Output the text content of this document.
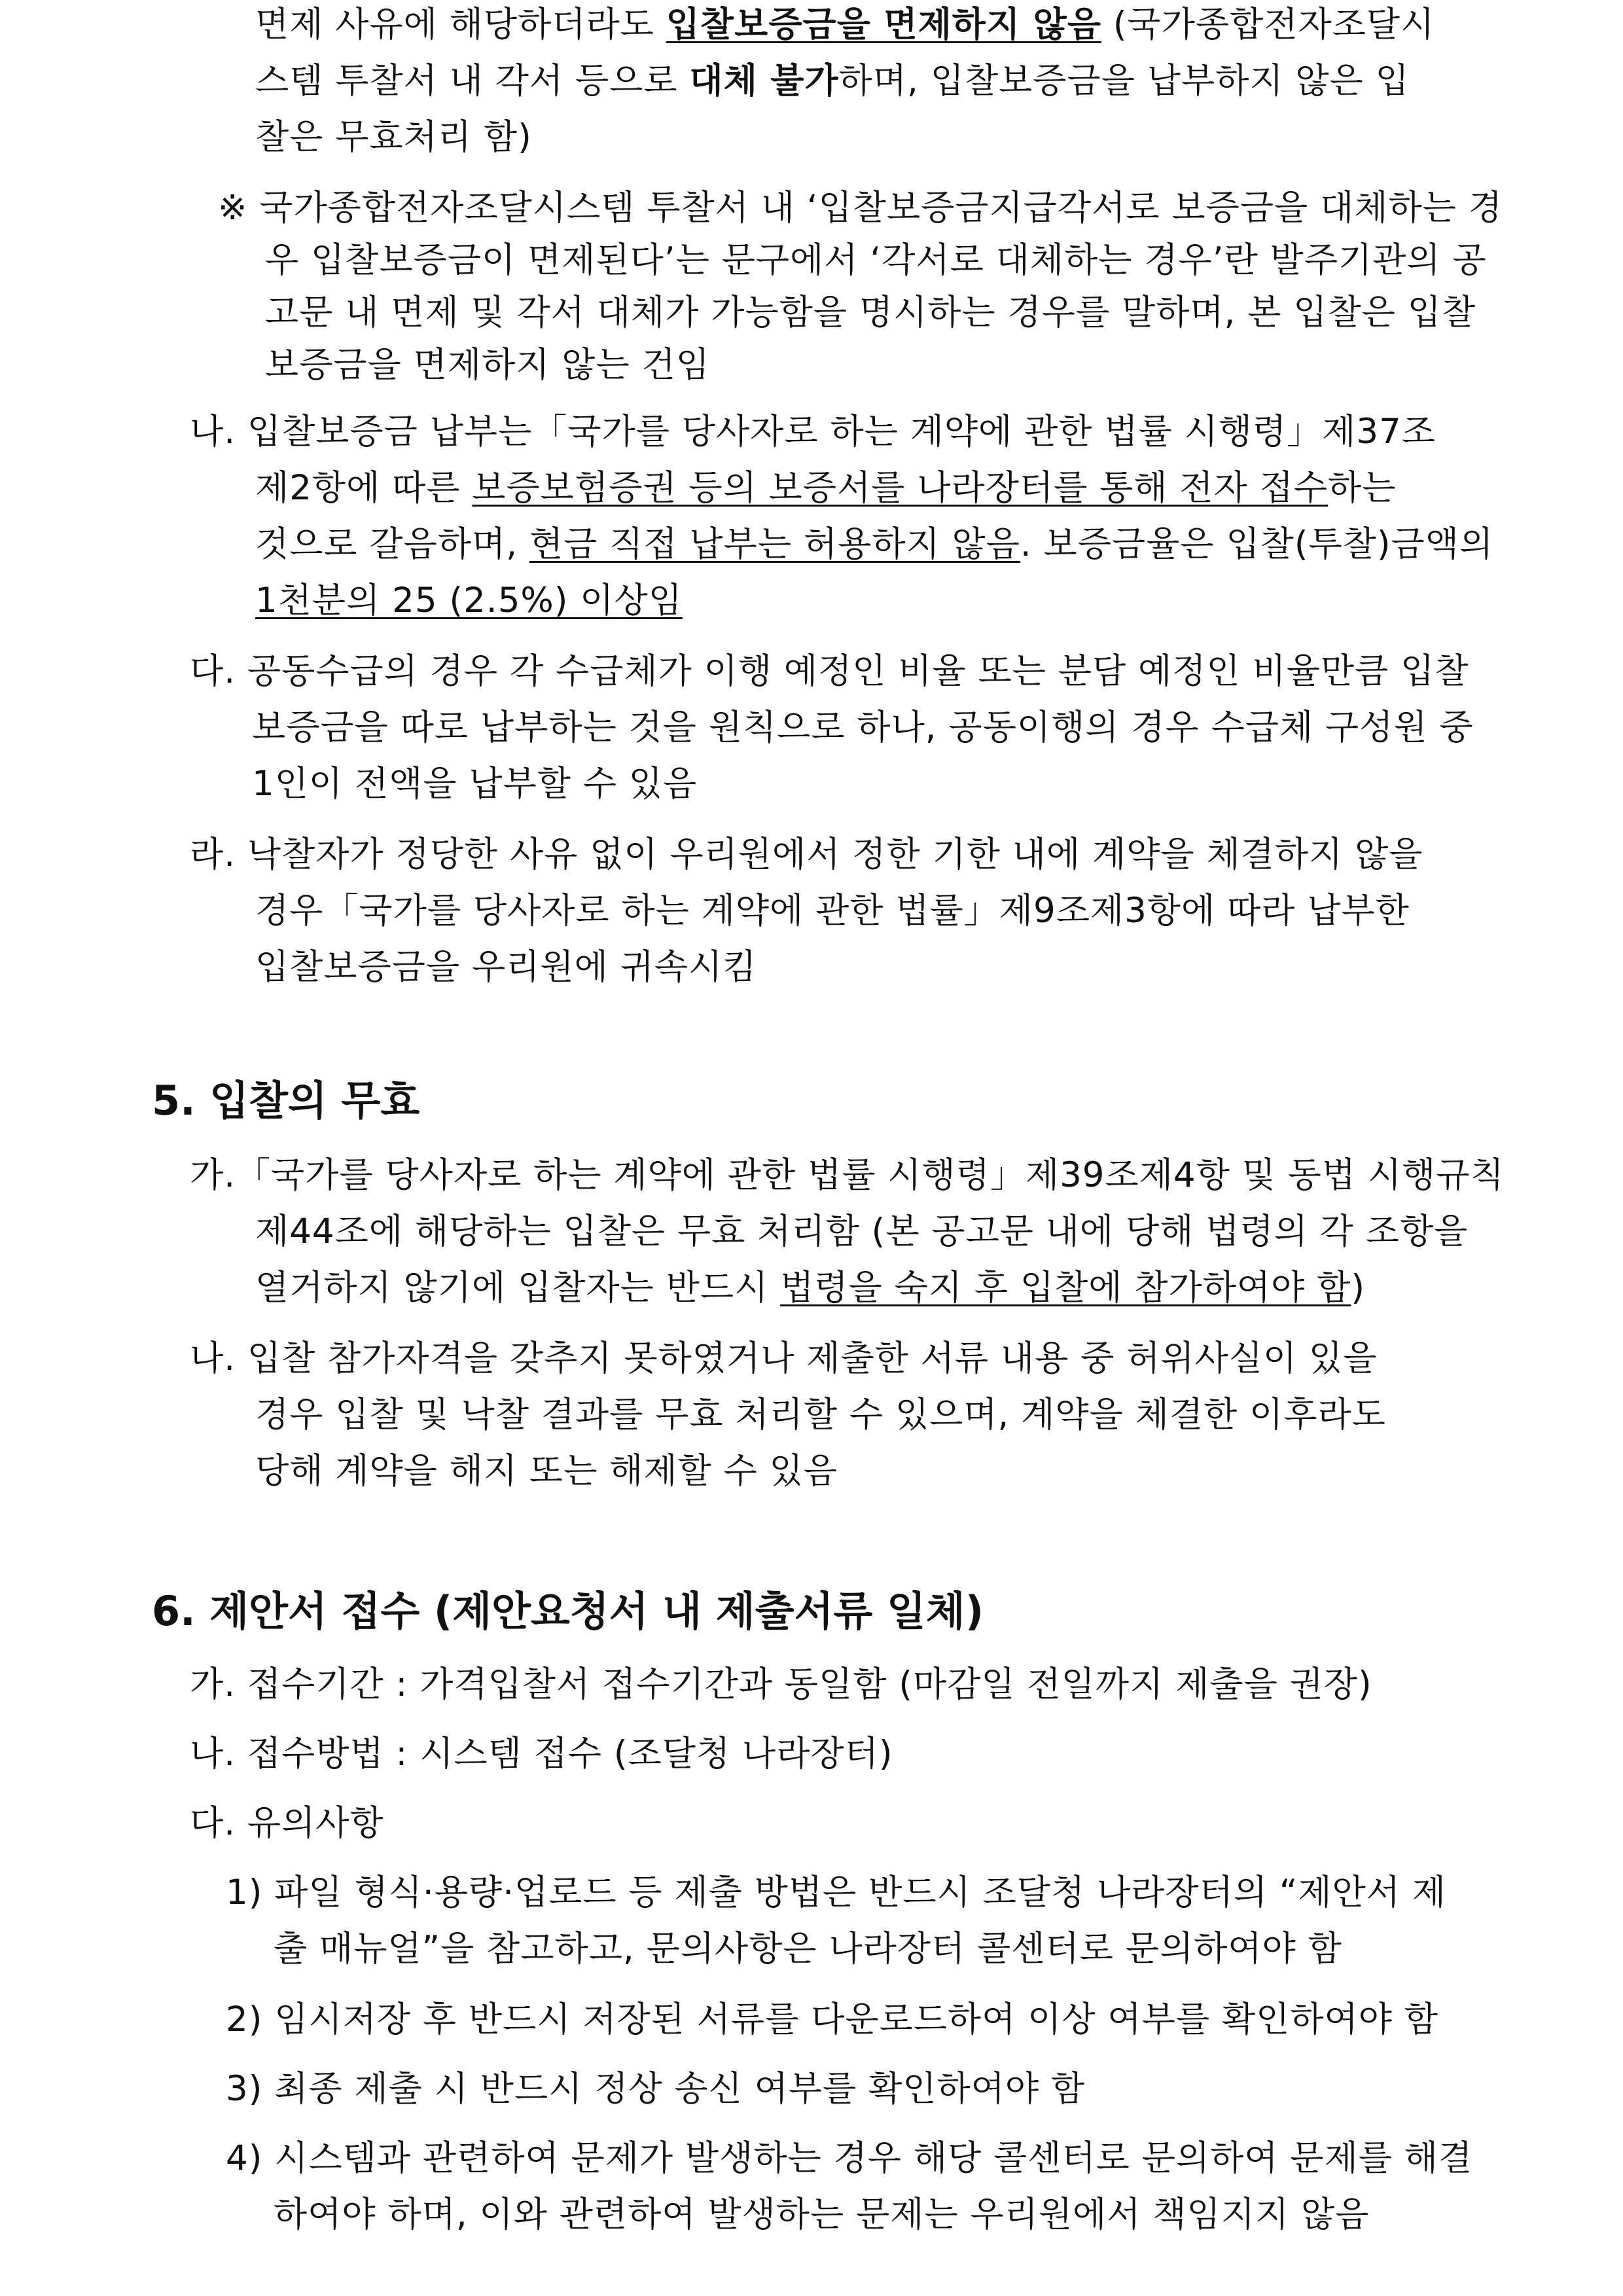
면제 사유에 해당하더라도 입찰보증금을 면제하지 않음 (국가종합전자조달시
스템 투찰서 내 각서 등으로 대체 불가하며, 입찰보증금을 납부하지 않은 입
찰은 무효처리 함)
※ 국가종합전자조달시스템 투찰서 내 ‘입찰보증금지급각서로 보증금을 대체하는 경
우 입찰보증금이 면제된다’는 문구에서 ‘각서로 대체하는 경우’란 발주기관의 공
고문 내 면제 및 각서 대체가 가능함을 명시하는 경우를 말하며, 본 입찰은 입찰
보증금을 면제하지 않는 건임
나. 입찰보증금 납부는「국가를 당사자로 하는 계약에 관한 법률 시행령」제37조
제2항에 따른 보증보험증권 등의 보증서를 나라장터를 통해 전자 접수하는
것으로 갈음하며, 현금 직접 납부는 허용하지 않음. 보증금율은 입찰(투찰)금액의
1천분의 25 (2.5%) 이상임
다. 공동수급의 경우 각 수급체가 이행 예정인 비율 또는 분담 예정인 비율만큼 입찰
보증금을 따로 납부하는 것을 원칙으로 하나, 공동이행의 경우 수급체 구성원 중
1인이 전액을 납부할 수 있음
라. 낙찰자가 정당한 사유 없이 우리원에서 정한 기한 내에 계약을 체결하지 않을
경우「국가를 당사자로 하는 계약에 관한 법률」제9조제3항에 따라 납부한
입찰보증금을 우리원에 귀속시킴
5. 입찰의 무효
가.「국가를 당사자로 하는 계약에 관한 법률 시행령」제39조제4항 및 동법 시행규칙
제44조에 해당하는 입찰은 무효 처리함 (본 공고문 내에 당해 법령의 각 조항을
열거하지 않기에 입찰자는 반드시 법령을 숙지 후 입찰에 참가하여야 함)
나. 입찰 참가자격을 갖추지 못하였거나 제출한 서류 내용 중 허위사실이 있을
경우 입찰 및 낙찰 결과를 무효 처리할 수 있으며, 계약을 체결한 이후라도
당해 계약을 해지 또는 해제할 수 있음
6. 제안서 접수 (제안요청서 내 제출서류 일체)
가. 접수기간 : 가격입찰서 접수기간과 동일함 (마감일 전일까지 제출을 권장)
나. 접수방법 : 시스템 접수 (조달청 나라장터)
다. 유의사항
1) 파일 형식·용량·업로드 등 제출 방법은 반드시 조달청 나라장터의 “제안서 제
출 매뉴얼”을 참고하고, 문의사항은 나라장터 콜센터로 문의하여야 함
2) 임시저장 후 반드시 저장된 서류를 다운로드하여 이상 여부를 확인하여야 함
3) 최종 제출 시 반드시 정상 송신 여부를 확인하여야 함
4) 시스템과 관련하여 문제가 발생하는 경우 해당 콜센터로 문의하여 문제를 해결
하여야 하며, 이와 관련하여 발생하는 문제는 우리원에서 책임지지 않음
